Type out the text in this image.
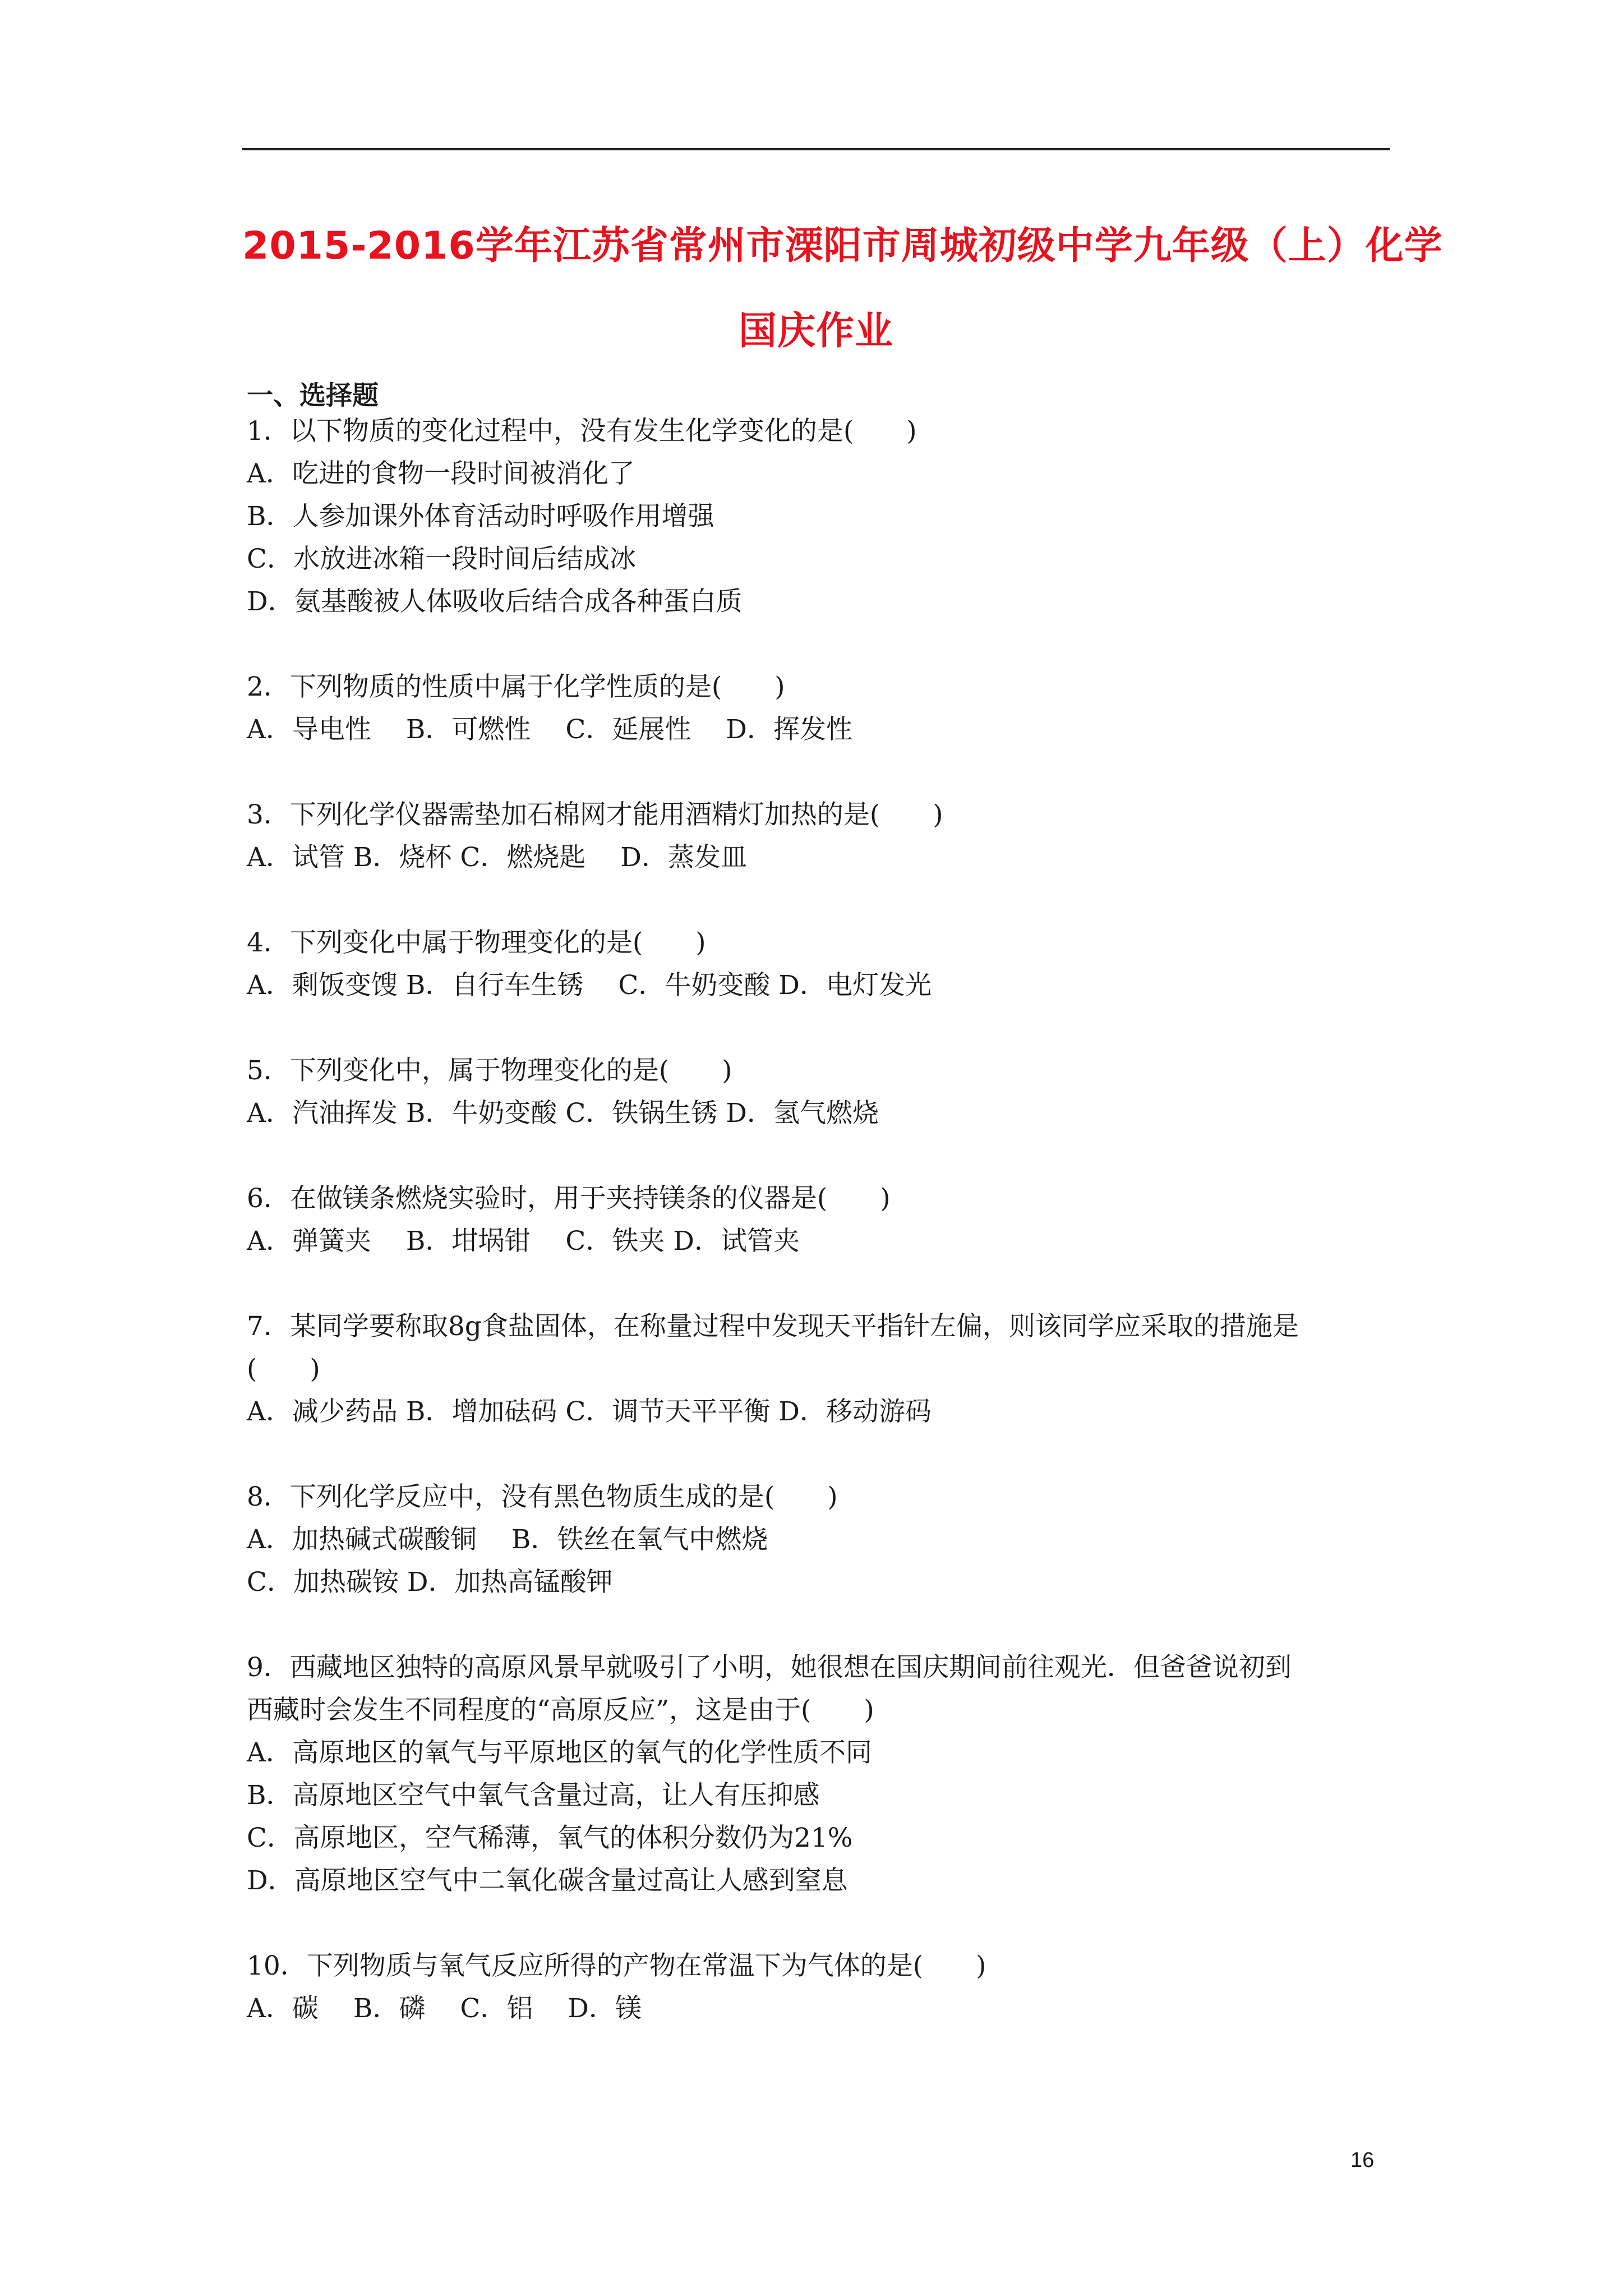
2015-2016学年江苏省常州市溧阳市周城初级中学九年级（上）化学
国庆作业
一、选择题
1．以下物质的变化过程中，没有发生化学变化的是(　　)
A．吃进的食物一段时间被消化了
B．人参加课外体育活动时呼吸作用增强
C．水放进冰箱一段时间后结成冰
D．氨基酸被人体吸收后结合成各种蛋白质
2．下列物质的性质中属于化学性质的是(　　)
A．导电性　 B．可燃性　 C．延展性　 D．挥发性
3．下列化学仪器需垫加石棉网才能用酒精灯加热的是(　　)
A．试管 B．烧杯 C．燃烧匙　 D．蒸发皿
4．下列变化中属于物理变化的是(　　)
A．剩饭变馊 B．自行车生锈　 C．牛奶变酸 D．电灯发光
5．下列变化中，属于物理变化的是(　　)
A．汽油挥发 B．牛奶变酸 C．铁锅生锈 D．氢气燃烧
6．在做镁条燃烧实验时，用于夹持镁条的仪器是(　　)
A．弹簧夹　 B．坩埚钳　 C．铁夹 D．试管夹
7．某同学要称取8g食盐固体，在称量过程中发现天平指针左偏，则该同学应采取的措施是
(　　)
A．减少药品 B．增加砝码 C．调节天平平衡 D．移动游码
8．下列化学反应中，没有黑色物质生成的是(　　)
A．加热碱式碳酸铜　 B．铁丝在氧气中燃烧
C．加热碳铵 D．加热高锰酸钾
9．西藏地区独特的高原风景早就吸引了小明，她很想在国庆期间前往观光．但爸爸说初到
西藏时会发生不同程度的“高原反应”，这是由于(　　)
A．高原地区的氧气与平原地区的氧气的化学性质不同
B．高原地区空气中氧气含量过高，让人有压抑感
C．高原地区，空气稀薄，氧气的体积分数仍为21%
D．高原地区空气中二氧化碳含量过高让人感到窒息
10．下列物质与氧气反应所得的产物在常温下为气体的是(　　)
A．碳　 B．磷　 C．铝　 D．镁
16
